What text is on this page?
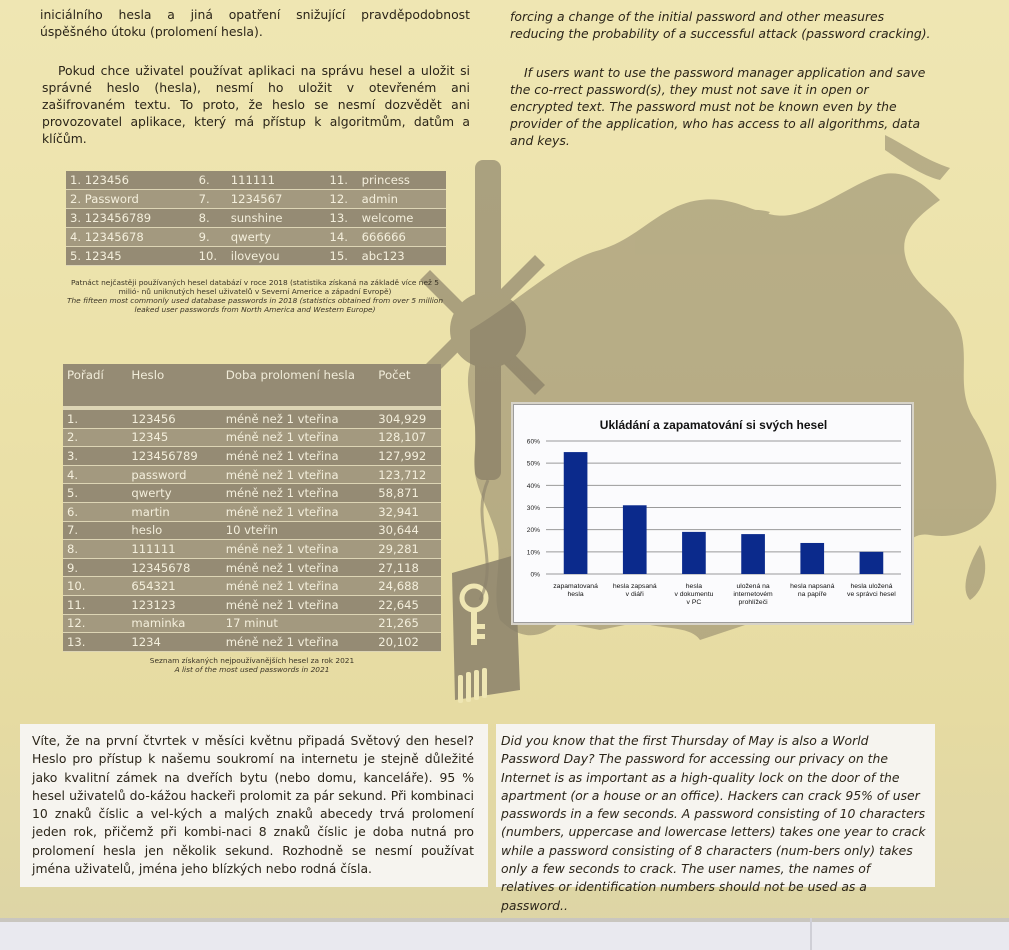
iniciálního hesla a jiná opatření snižující pravděpodobnost úspěšného útoku (prolomení hesla).
forcing a change of the initial password and other measures reducing the probability of a successful attack (password cracking).
Pokud chce uživatel používat aplikaci na správu hesel a uložit si správné heslo (hesla), nesmí ho uložit v otevřeném ani zašifrovaném textu. To proto, že heslo se nesmí dozvědět ani provozovatel aplikace, který má přístup k algoritmům, datům a klíčům.
If users want to use the password manager application and save the co-rrect password(s), they must not save it in open or encrypted text. The password must not be known even by the provider of the application, who has access to all algorithms, data and keys.
1. 123456	6.	111111	11.	princess
2. Password	7.	1234567	12.	admin
3. 123456789	8.	sunshine	13.	welcome
4. 12345678	9.	qwerty	14.	666666
5. 12345	10.	iloveyou	15.	abc123
Patnáct nejčastěji používaných hesel databází v roce 2018 (statistika získaná na základě více než 5 milió- nů uniknutých hesel uživatelů v Severní Americe a západní Evropě)
The fifteen most commonly used database passwords in 2018 (statistics obtained from over 5 million leaked user passwords from North America and Western Europe)
Pořadí	Heslo	Doba prolomení hesla	Počet
1.	123456	méně než 1 vteřina	304,929
2.	12345	méně než 1 vteřina	128,107
3.	123456789	méně než 1 vteřina	127,992
4.	password	méně než 1 vteřina	123,712
5.	qwerty	méně než 1 vteřina	58,871
6.	martin	méně než 1 vteřina	32,941
7.	heslo	10 vteřin	30,644
8.	111111	méně než 1 vteřina	29,281
9.	12345678	méně než 1 vteřina	27,118
10.	654321	méně než 1 vteřina	24,688
11.	123123	méně než 1 vteřina	22,645
12.	maminka	17 minut	21,265
13.	1234	méně než 1 vteřina	20,102
Seznam získaných nejpoužívanějších hesel za rok 2021
A list of the most used passwords in 2021
Ukládání a zapamatování si svých hesel
0%
10%
20%
30%
40%
50%
60%
zapamatovaná
hesla
hesla zapsaná
v diáři
hesla
v dokumentu
v PC
uložená na
internetovém
prohlížeči
hesla napsaná
na papíře
hesla uložená
ve správci hesel
Víte, že na první čtvrtek v měsíci květnu připadá Světový den hesel? Heslo pro přístup k našemu soukromí na internetu je stejně důležité jako kvalitní zámek na dveřích bytu (nebo domu, kanceláře). 95 % hesel uživatelů do-kážou hackeři prolomit za pár sekund. Při kombinaci 10 znaků číslic a vel-kých a malých znaků abecedy trvá prolomení jeden rok, přičemž při kombi-naci 8 znaků číslic je doba nutná pro prolomení hesla jen několik sekund. Rozhodně se nesmí používat jména uživatelů, jména jeho blízkých nebo rodná čísla.
Did you know that the first Thursday of May is also a World Password Day? The password for accessing our privacy on the Internet is as important as a high-quality lock on the door of the apartment (or a house or an office). Hackers can crack 95% of user passwords in a few seconds. A password consisting of 10 characters (numbers, uppercase and lowercase letters) takes one year to crack while a password consisting of 8 characters (num-bers only) takes only a few seconds to crack. The user names, the names of relatives or identification numbers should not be used as a password..
